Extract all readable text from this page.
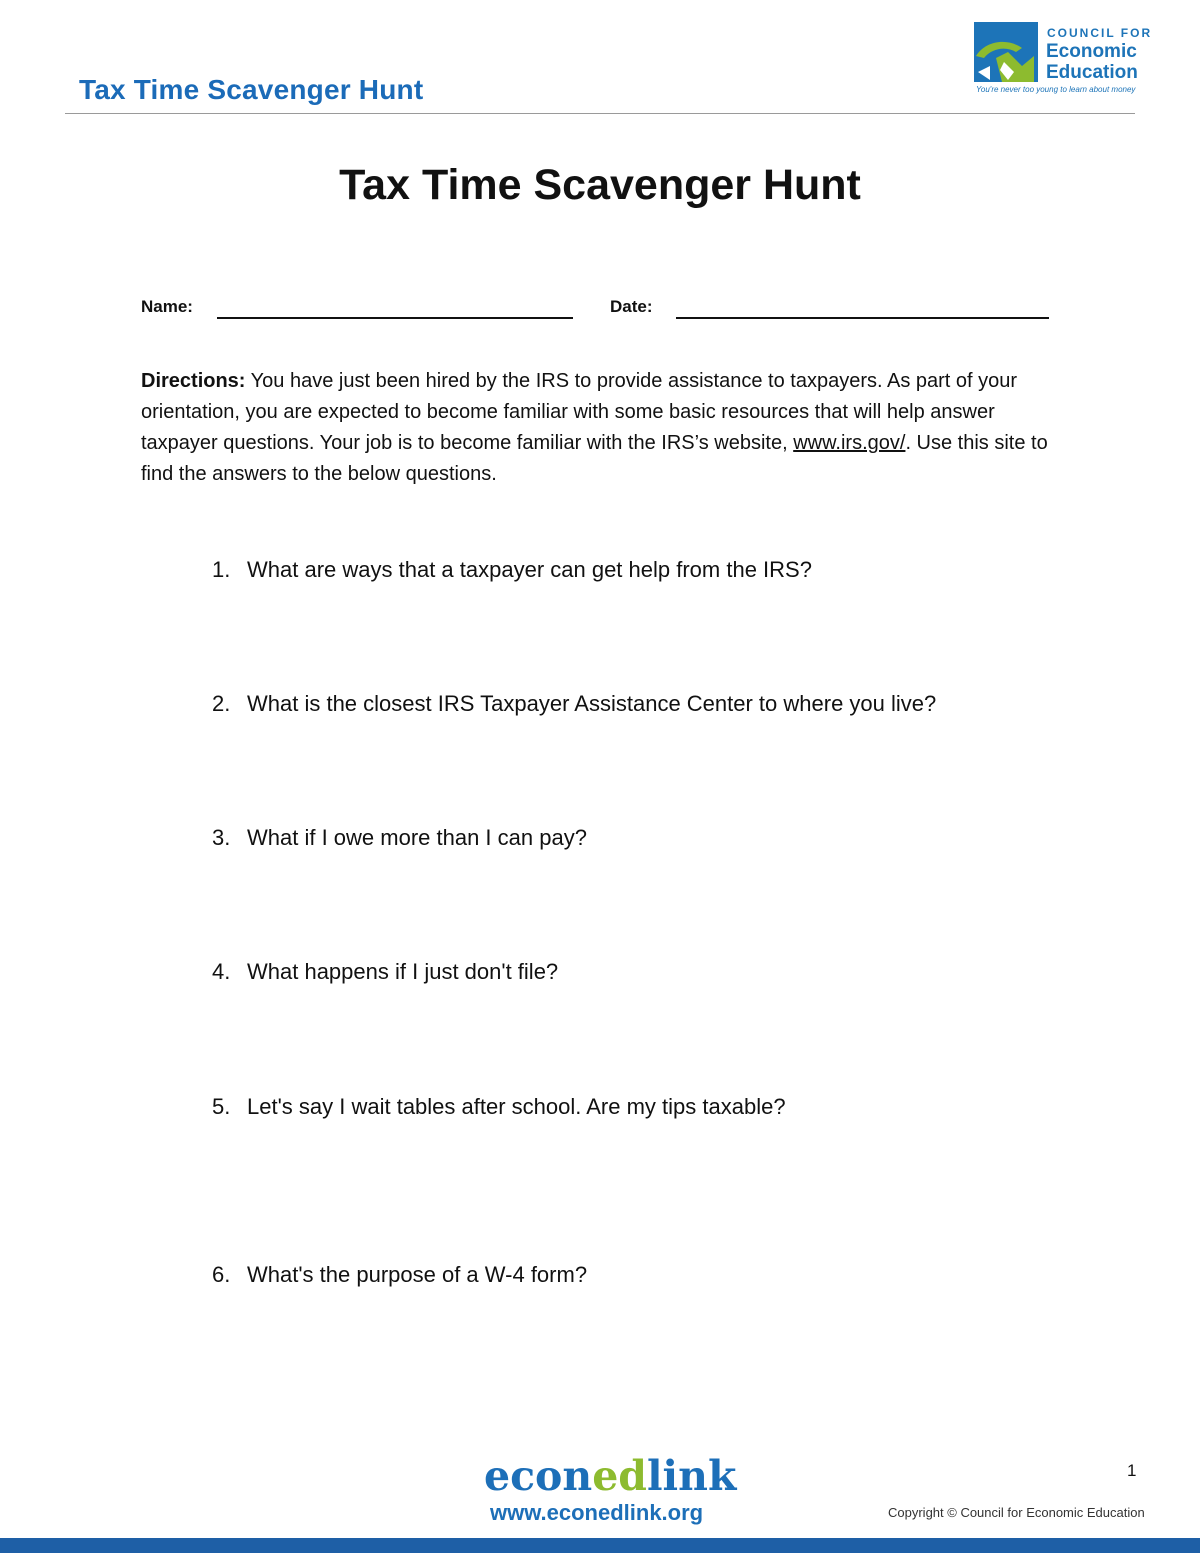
Tax Time Scavenger Hunt
COUNCIL FOR
Economic
Education
You're never too young to learn about money
Tax Time Scavenger Hunt
Name:	Date:
Directions: You have just been hired by the IRS to provide assistance to taxpayers. As part of your orientation, you are expected to become familiar with some basic resources that will help answer taxpayer questions. Your job is to become familiar with the IRS’s website, www.irs.gov/. Use this site to find the answers to the below questions.
1. What are ways that a taxpayer can get help from the IRS?
2. What is the closest IRS Taxpayer Assistance Center to where you live?
3. What if I owe more than I can pay?
4. What happens if I just don't file?
5. Let's say I wait tables after school. Are my tips taxable?
6. What's the purpose of a W-4 form?
econedlink
www.econedlink.org
1
Copyright © Council for Economic Education
